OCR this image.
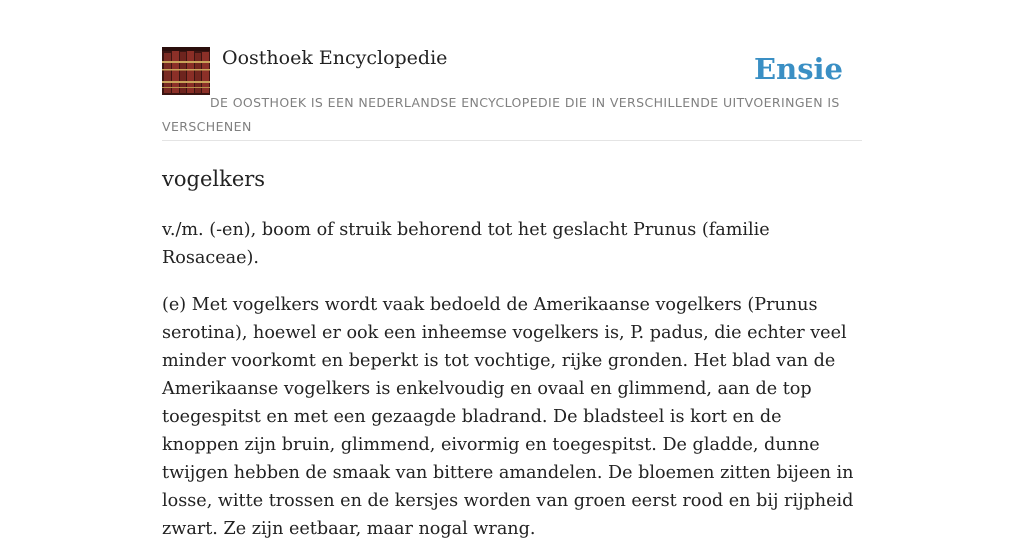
Oosthoek Encyclopedie	Ensie
DE OOSTHOEK IS EEN NEDERLANDSE ENCYCLOPEDIE DIE IN VERSCHILLENDE UITVOERINGEN IS VERSCHENEN
vogelkers

v./m. (-en), boom of struik behorend tot het geslacht Prunus (familie Rosaceae).

(e) Met vogelkers wordt vaak bedoeld de Amerikaanse vogelkers (Prunus serotina), hoewel er ook een inheemse vogelkers is, P. padus, die echter veel minder voorkomt en beperkt is tot vochtige, rijke gronden. Het blad van de Amerikaanse vogelkers is enkelvoudig en ovaal en glimmend, aan de top toegespitst en met een gezaagde bladrand. De bladsteel is kort en de knoppen zijn bruin, glimmend, eivormig en toegespitst. De gladde, dunne twijgen hebben de smaak van bittere amandelen. De bloemen zitten bijeen in losse, witte trossen en de kersjes worden van groen eerst rood en bij rijpheid zwart. Ze zijn eetbaar, maar nogal wrang.
